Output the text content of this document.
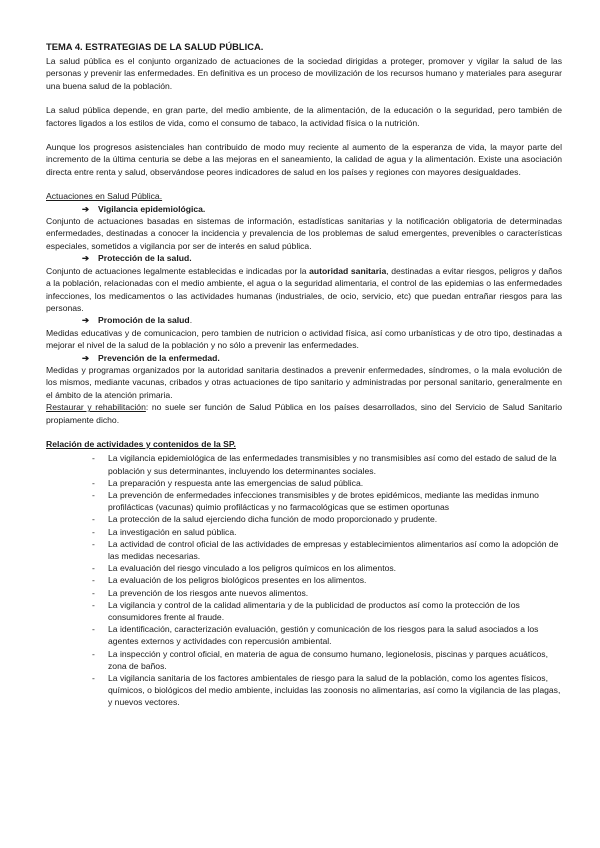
TEMA 4. ESTRATEGIAS DE LA SALUD PÚBLICA.

La salud pública es el conjunto organizado de actuaciones de la sociedad dirigidas a proteger, promover y vigilar la salud de las personas y prevenir las enfermedades. En definitiva es un proceso de movilización de los recursos humano y materiales para asegurar una buena salud de la población.

La salud pública depende, en gran parte, del medio ambiente, de la alimentación, de la educación o la seguridad, pero también de factores ligados a los estilos de vida, como el consumo de tabaco, la actividad física o la nutrición.

Aunque los progresos asistenciales han contribuido de modo muy reciente al aumento de la esperanza de vida, la mayor parte del incremento de la última centuria se debe a las mejoras en el saneamiento, la calidad de agua y la alimentación. Existe una asociación directa entre renta y salud, observándose peores indicadores de salud en los países y regiones con mayores desigualdades.

Actuaciones en Salud Pública.

➔ Vigilancia epidemiológica.

Conjunto de actuaciones basadas en sistemas de información, estadísticas sanitarias y la notificación obligatoria de determinadas enfermedades, destinadas a conocer la incidencia y prevalencia de los problemas de salud emergentes, prevenibles o características especiales, sometidos a vigilancia por ser de interés en salud pública.

➔ Protección de la salud.

Conjunto de actuaciones legalmente establecidas e indicadas por la autoridad sanitaria, destinadas a evitar riesgos, peligros y daños a la población, relacionadas con el medio ambiente, el agua o la seguridad alimentaria, el control de las epidemias o las enfermedades infecciones, los medicamentos o las actividades humanas (industriales, de ocio, servicio, etc) que puedan entrañar riesgos para las personas.

➔ Promoción de la salud.

Medidas educativas y de comunicacion, pero tambien de nutricion o actividad física, así como urbanísticas y de otro tipo, destinadas a mejorar el nivel de la salud de la población y no sólo a prevenir las enfermedades.

➔ Prevención de la enfermedad.

Medidas y programas organizados por la autoridad sanitaria destinados a prevenir enfermedades, síndromes, o la mala evolución de los mismos, mediante vacunas, cribados y otras actuaciones de tipo sanitario y administradas por personal sanitario, generalmente en el ámbito de la atención primaria.

Restaurar y rehabilitación: no suele ser función de Salud Pública en los países desarrollados, sino del Servicio de Salud Sanitario propiamente dicho.

Relación de actividades y contenidos de la SP.

- La vigilancia epidemiológica de las enfermedades transmisibles y no transmisibles así como del estado de salud de la población y sus determinantes, incluyendo los determinantes sociales.
- La preparación y respuesta ante las emergencias de salud pública.
- La prevención de enfermedades infecciones transmisibles y de brotes epidémicos, mediante las medidas inmuno profilácticas (vacunas) quimio profilácticas y no farmacológicas que se estimen oportunas
- La protección de la salud ejerciendo dicha función de modo proporcionado y prudente.
- La investigación en salud pública.
- La actividad de control oficial de las actividades de empresas y establecimientos alimentarios así como la adopción de las medidas necesarias.
- La evaluación del riesgo vinculado a los peligros químicos en los alimentos.
- La evaluación de los peligros biológicos presentes en los alimentos.
- La prevención de los riesgos ante nuevos alimentos.
- La vigilancia y control de la calidad alimentaria y de la publicidad de productos así como la protección de los consumidores frente al fraude.
- La identificación, caracterización evaluación, gestión y comunicación de los riesgos para la salud asociados a los agentes externos y actividades con repercusión ambiental.
- La inspección y control oficial, en materia de agua de consumo humano, legionelosis, piscinas y parques acuáticos, zona de baños.
- La vigilancia sanitaria de los factores ambientales de riesgo para la salud de la población, como los agentes físicos, químicos, o biológicos del medio ambiente, incluidas las zoonosis no alimentarias, así como la vigilancia de las plagas, y nuevos vectores.
